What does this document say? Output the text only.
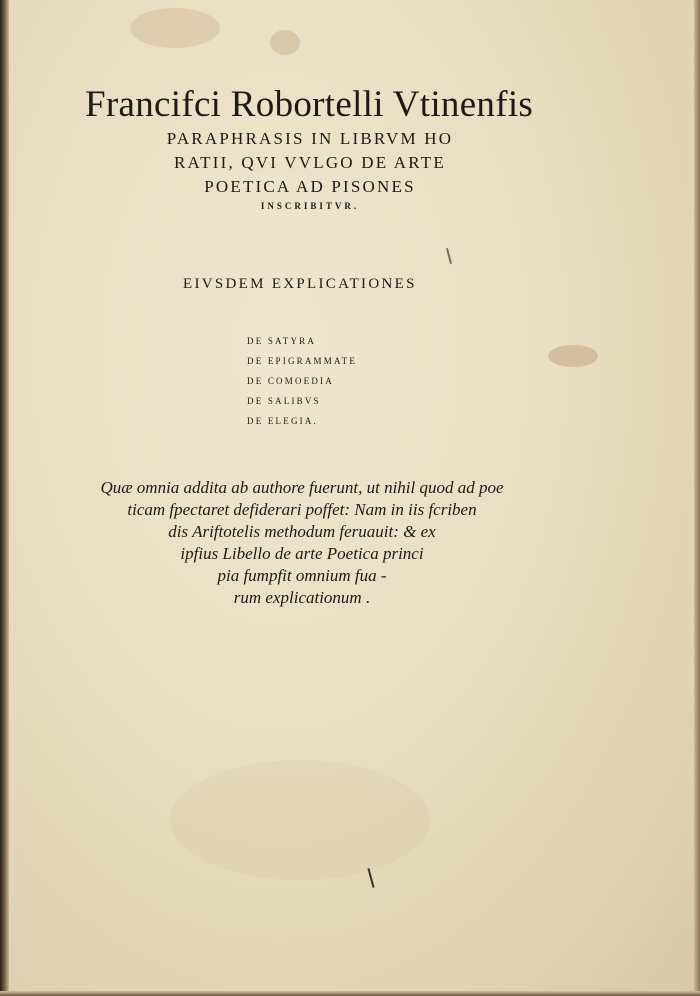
Francifci Robortelli Vtinenfis
PARAPHRASIS IN LIBRVM HO
RATII, QVI VVLGO DE ARTE
POETICA AD PISONES
INSCRIBITVR.
EIVSDEM EXPLICATIONES
DE SATYRA
DE EPIGRAMMATE
DE COMOEDIA
DE SALIBVS
DE ELEGIA.
Quæ omnia addita ab authore fuerunt, ut nihil quod ad poe
ticam fpectaret defiderari poffet: Nam in iis fcriben
dis Ariftotelis methodum feruauit: & ex
ipfius Libello de arte Poetica princi
pia fumpfit omnium fua -
rum explicationum .
